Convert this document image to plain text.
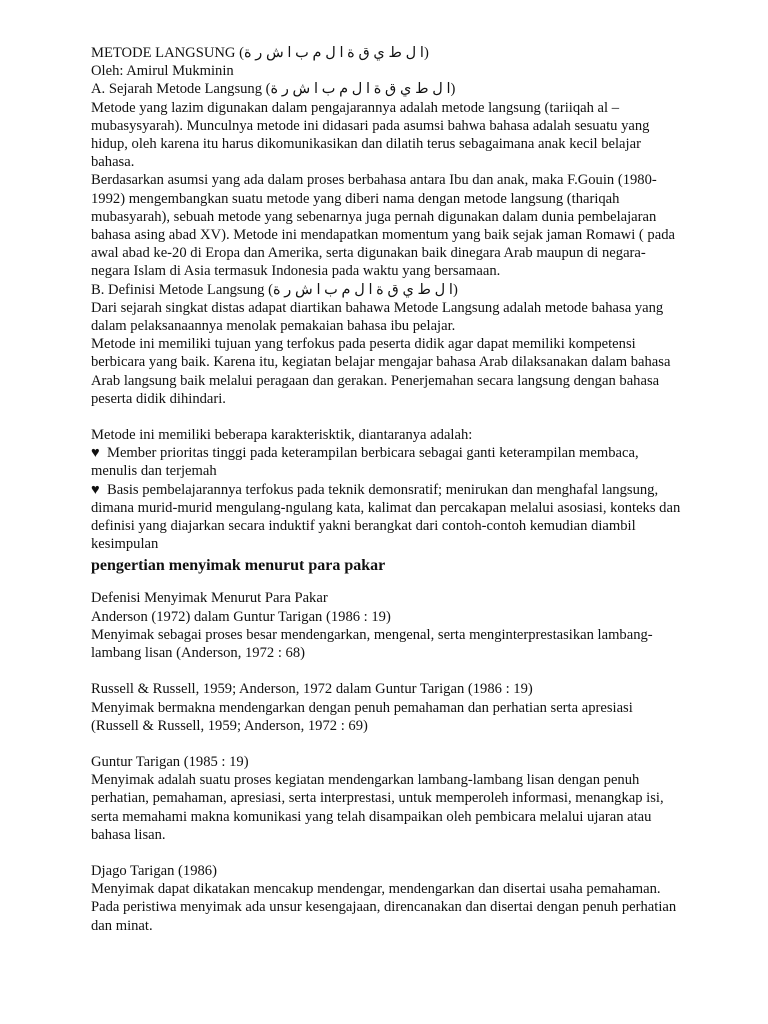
METODE LANGSUNG (ا ل ط ي ق ة ا ل م ب ا ش ر ة)

Oleh: Amirul Mukminin

A. Sejarah Metode Langsung (ا ل ط ي ق ة ا ل م ب ا ش ر ة)

Metode yang lazim digunakan dalam pengajarannya adalah metode langsung (tariiqah al – mubasysyarah). Munculnya metode ini didasari pada asumsi bahwa bahasa adalah sesuatu yang hidup, oleh karena itu harus dikomunikasikan dan dilatih terus sebagaimana anak kecil belajar bahasa.

Berdasarkan asumsi yang ada dalam proses berbahasa antara Ibu dan anak, maka F.Gouin (1980-1992) mengembangkan suatu metode yang diberi nama dengan metode langsung (thariqah mubasyarah), sebuah metode yang sebenarnya juga pernah digunakan dalam dunia pembelajaran bahasa asing abad XV). Metode ini mendapatkan momentum yang baik sejak jaman Romawi ( pada awal abad ke-20 di Eropa dan Amerika, serta digunakan baik dinegara Arab maupun di negara-negara Islam di Asia termasuk Indonesia pada waktu yang bersamaan.

B. Definisi Metode Langsung (ا ل ط ي ق ة ا ل م ب ا ش ر ة)

Dari sejarah singkat distas adapat diartikan bahawa Metode Langsung adalah metode bahasa yang dalam pelaksanaannya menolak pemakaian bahasa ibu pelajar.

Metode ini memiliki tujuan yang terfokus pada peserta didik agar dapat memiliki kompetensi berbicara yang baik. Karena itu, kegiatan belajar mengajar bahasa Arab dilaksanakan dalam bahasa Arab langsung baik melalui peragaan dan gerakan. Penerjemahan secara langsung dengan bahasa peserta didik dihindari.

Metode ini memiliki beberapa karakterisktik, diantaranya adalah:

♥ Member prioritas tinggi pada keterampilan berbicara sebagai ganti keterampilan membaca, menulis dan terjemah

♥ Basis pembelajarannya terfokus pada teknik demonsratif; menirukan dan menghafal langsung, dimana murid-murid mengulang-ngulang kata, kalimat dan percakapan melalui asosiasi, konteks dan definisi yang diajarkan secara induktif yakni berangkat dari contoh-contoh kemudian diambil kesimpulan

pengertian menyimak menurut para pakar

Defenisi Menyimak Menurut Para Pakar

Anderson (1972) dalam Guntur Tarigan (1986 : 19)

Menyimak sebagai proses besar mendengarkan, mengenal, serta menginterprestasikan lambang-lambang lisan (Anderson, 1972 : 68)

Russell & Russell, 1959; Anderson, 1972 dalam Guntur Tarigan (1986 : 19)

Menyimak bermakna mendengarkan dengan penuh pemahaman dan perhatian serta apresiasi (Russell & Russell, 1959; Anderson, 1972 : 69)

Guntur Tarigan (1985 : 19)

Menyimak adalah suatu proses kegiatan mendengarkan lambang-lambang lisan dengan penuh perhatian, pemahaman, apresiasi, serta interprestasi, untuk memperoleh informasi, menangkap isi, serta memahami makna komunikasi yang telah disampaikan oleh pembicara melalui ujaran atau bahasa lisan.

Djago Tarigan (1986)

Menyimak dapat dikatakan mencakup mendengar, mendengarkan dan disertai usaha pemahaman. Pada peristiwa menyimak ada unsur kesengajaan, direncanakan dan disertai dengan penuh perhatian dan minat.
